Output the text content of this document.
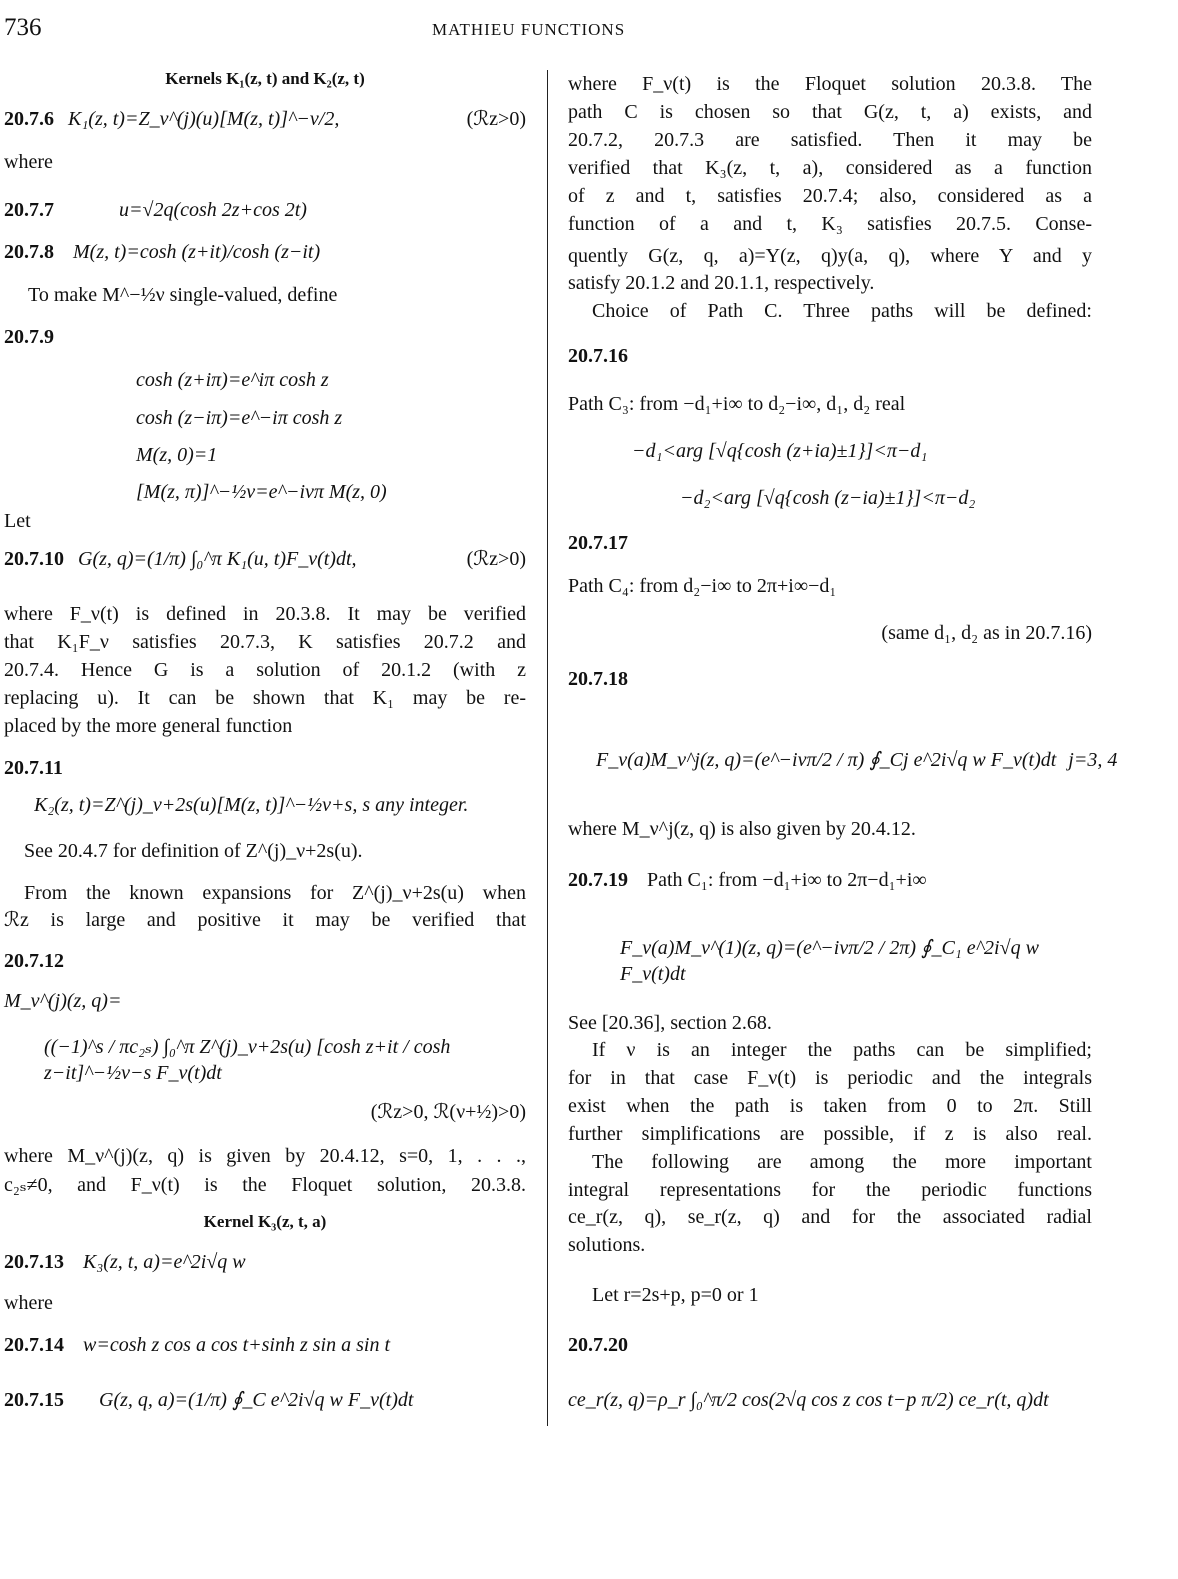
736	MATHIEU FUNCTIONS
Kernels K₁(z, t) and K₂(z, t)
20.7.6 K₁(z, t)=Z_ν^(j)(u)[M(z, t)]^−ν/2,	(ℛz>0)
where
20.7.7	u=√2q(cosh 2z+cos 2t)
20.7.8 M(z, t)=cosh (z+it)/cosh (z−it)
To make M^−½ν single-valued, define
20.7.9
cosh (z+iπ)=e^iπ cosh z
cosh (z−iπ)=e^−iπ cosh z
M(z, 0)=1
[M(z, π)]^−½ν=e^−iνπ M(z, 0)
Let
20.7.10 G(z, q)=(1/π) ∫₀^π K₁(u, t)F_ν(t)dt,	(ℛz>0)
where F_ν(t) is defined in 20.3.8. It may be verified
that K₁F_ν satisfies 20.7.3, K satisfies 20.7.2 and
20.7.4. Hence G is a solution of 20.1.2 (with z
replacing u). It can be shown that K₁ may be re-
placed by the more general function
20.7.11
K₂(z, t)=Z^(j)_ν+2s(u)[M(z, t)]^−½ν+s, s any integer.
See 20.4.7 for definition of Z^(j)_ν+2s(u).
From the known expansions for Z^(j)_ν+2s(u) when
ℛz is large and positive it may be verified that
20.7.12
M_ν^(j)(z, q)=
((−1)^s / πc₂ₛ) ∫₀^π Z^(j)_ν+2s(u) [cosh z+it / cosh z−it]^−½ν−s F_ν(t)dt
(ℛz>0, ℛ(ν+½)>0)
where M_ν^(j)(z, q) is given by 20.4.12, s=0, 1, . . .,
c₂ₛ≠0, and F_ν(t) is the Floquet solution, 20.3.8.
Kernel K₃(z, t, a)
20.7.13 K₃(z, t, a)=e^2i√q w
where
20.7.14 w=cosh z cos a cos t+sinh z sin a sin t
20.7.15 G(z, q, a)=(1/π) ∮_C e^2i√q w F_ν(t)dt
where F_ν(t) is the Floquet solution 20.3.8. The
path C is chosen so that G(z, t, a) exists, and
20.7.2, 20.7.3 are satisfied. Then it may be
verified that K₃(z, t, a), considered as a function
of z and t, satisfies 20.7.4; also, considered as a
function of a and t, K₃ satisfies 20.7.5. Conse-
quently G(z, q, a)=Y(z, q)y(a, q), where Y and y
satisfy 20.1.2 and 20.1.1, respectively.
Choice of Path C. Three paths will be defined:
20.7.16
Path C₃: from −d₁+i∞ to d₂−i∞, d₁, d₂ real
−d₁<arg [√q{cosh (z+ia)±1}]<π−d₁
−d₂<arg [√q{cosh (z−ia)±1}]<π−d₂
20.7.17
Path C₄: from d₂−i∞ to 2π+i∞−d₁
(same d₁, d₂ as in 20.7.16)
20.7.18
F_ν(a)M_ν^j(z, q)=(e^−iνπ/2 / π) ∮_Cj e^2i√q w F_ν(t)dt j=3, 4
where M_ν^j(z, q) is also given by 20.4.12.
20.7.19 Path C₁: from −d₁+i∞ to 2π−d₁+i∞
F_ν(a)M_ν^(1)(z, q)=(e^−iνπ/2 / 2π) ∮_C₁ e^2i√q w F_ν(t)dt
See [20.36], section 2.68.
If ν is an integer the paths can be simplified;
for in that case F_ν(t) is periodic and the integrals
exist when the path is taken from 0 to 2π. Still
further simplifications are possible, if z is also real.
The following are among the more important
integral representations for the periodic functions
ce_r(z, q), se_r(z, q) and for the associated radial
solutions.
Let r=2s+p, p=0 or 1
20.7.20
ce_r(z, q)=ρ_r ∫₀^π/2 cos(2√q cos z cos t−p π/2) ce_r(t, q)dt
